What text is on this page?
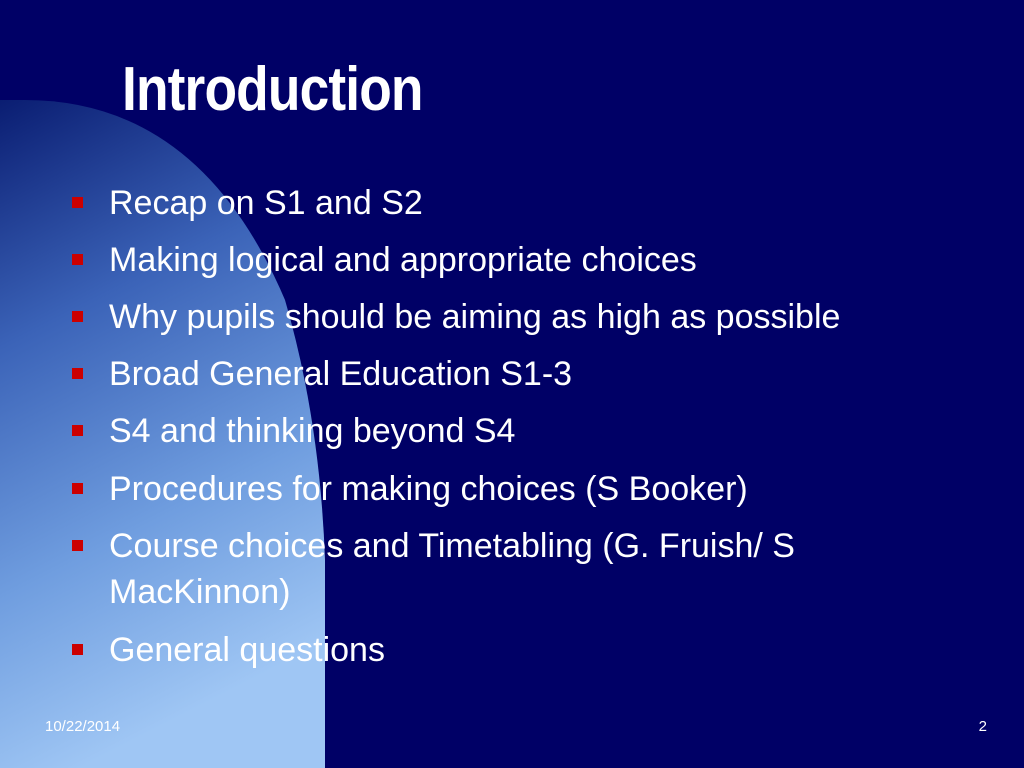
Introduction
Recap on S1 and S2
Making logical and appropriate choices
Why pupils should be aiming as high as possible
Broad General Education S1-3
S4 and thinking beyond S4
Procedures for making choices (S Booker)
Course choices and Timetabling (G. Fruish/ S
MacKinnon)
General questions
10/22/2014	2
